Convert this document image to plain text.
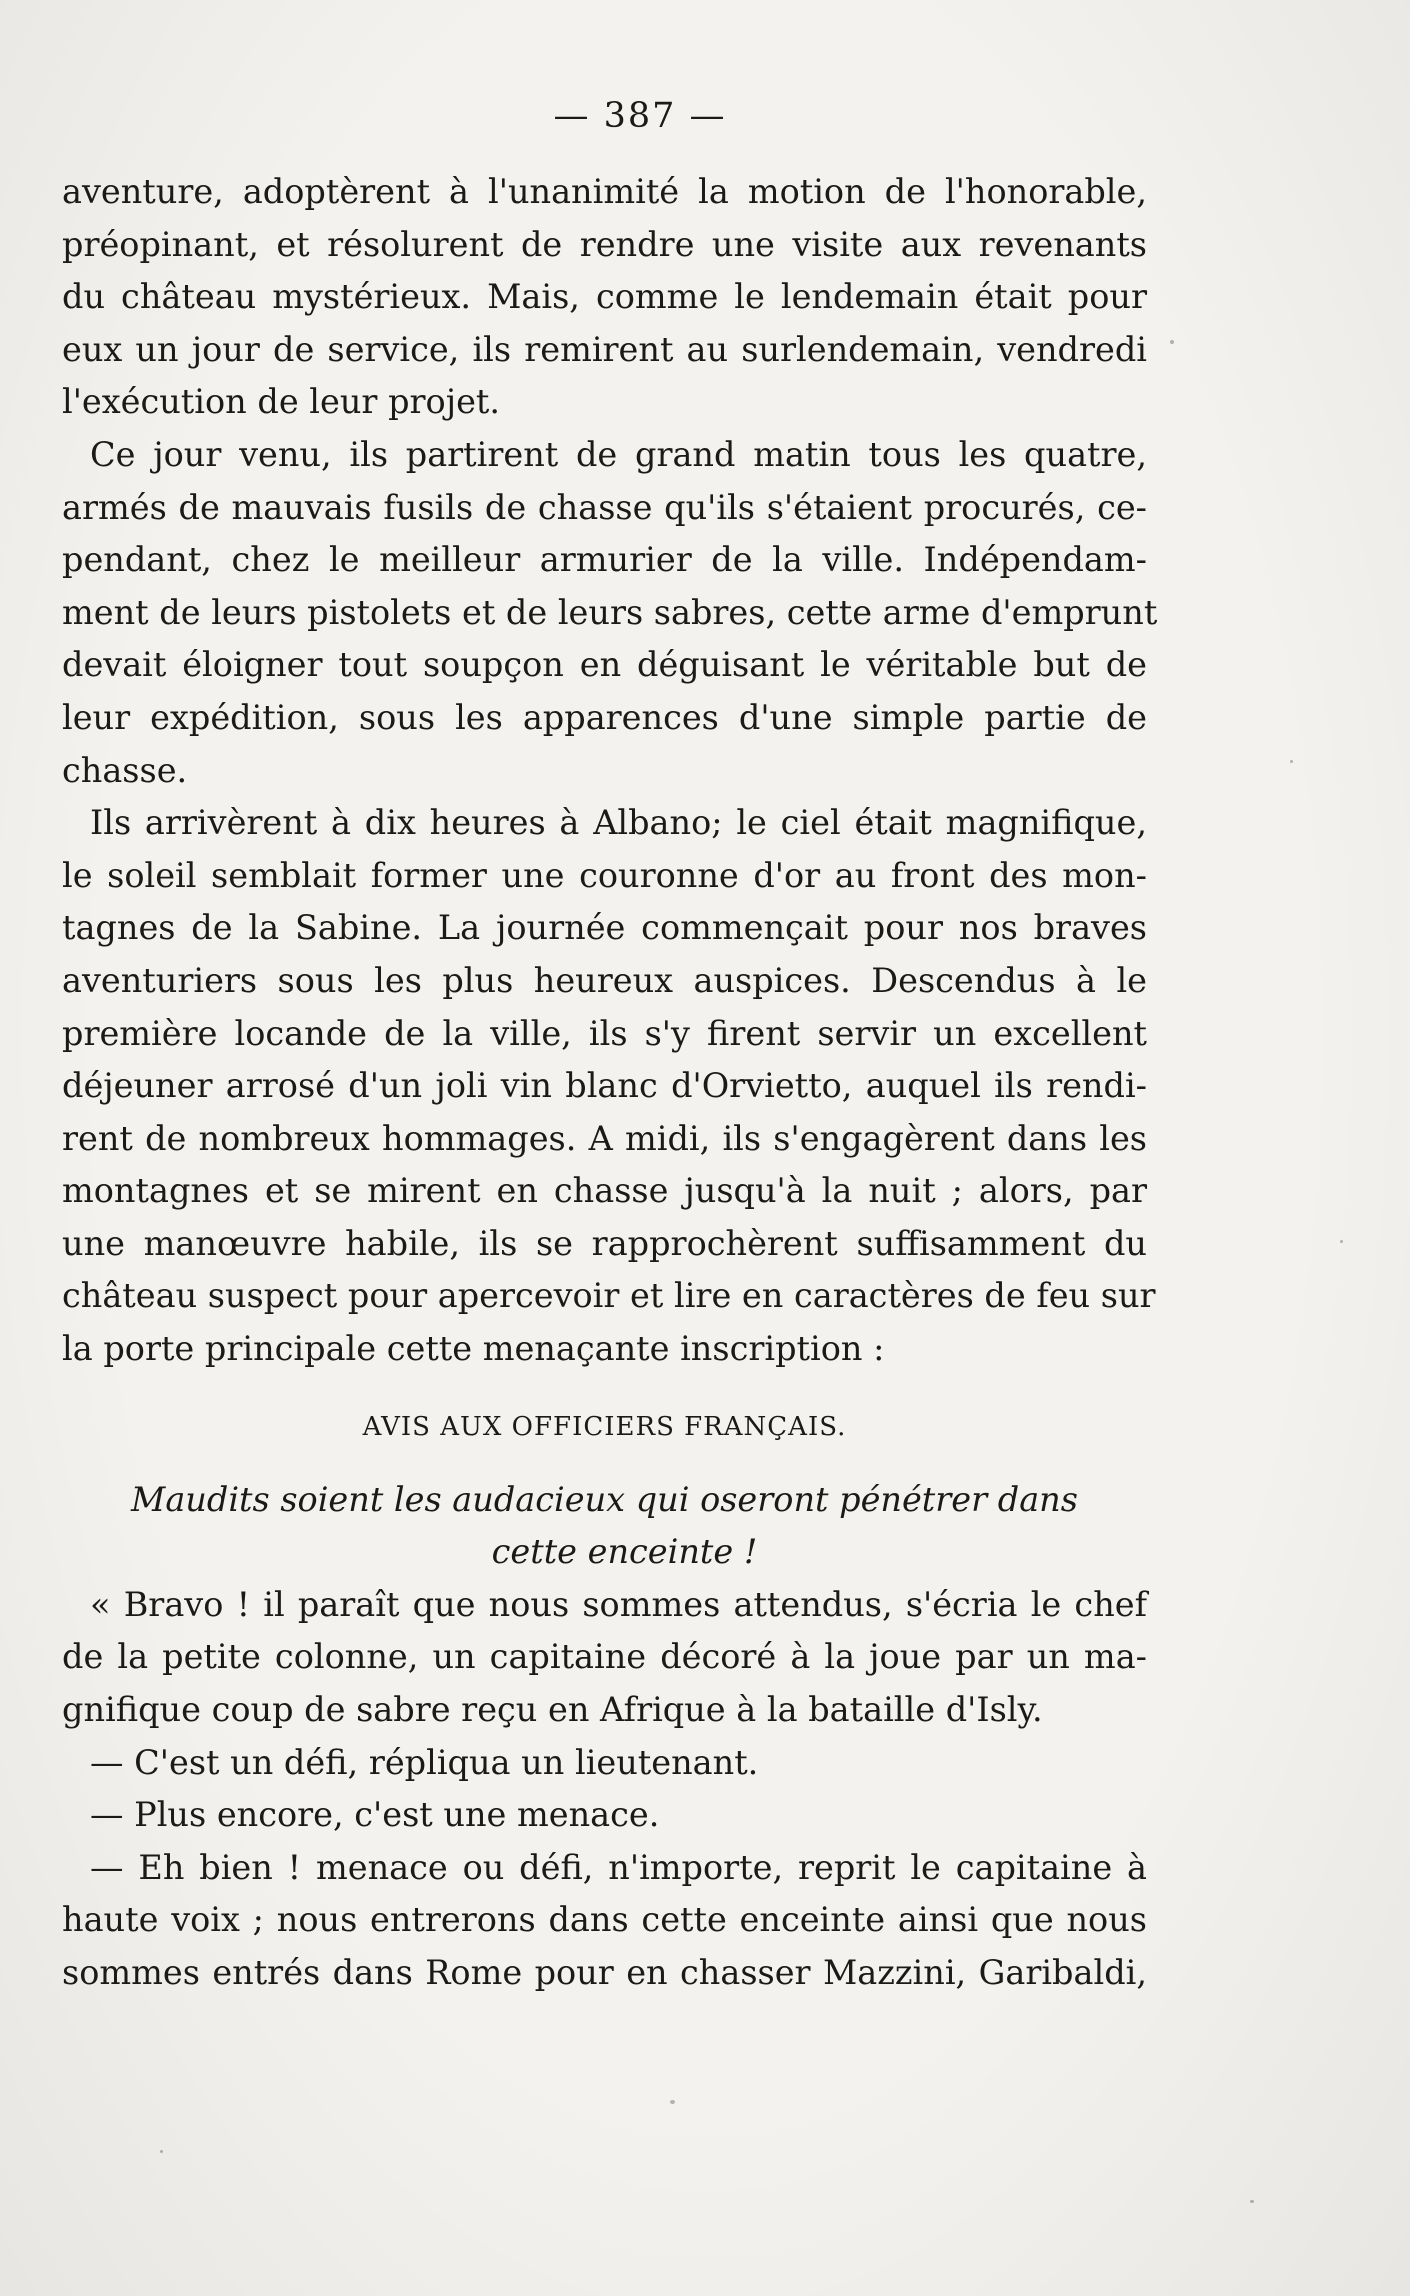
— 387 —
aventure, adoptèrent à l'unanimité la motion de l'honorable,
préopinant, et résolurent de rendre une visite aux revenants
du château mystérieux. Mais, comme le lendemain était pour
eux un jour de service, ils remirent au surlendemain, vendredi
l'exécution de leur projet.
Ce jour venu, ils partirent de grand matin tous les quatre,
armés de mauvais fusils de chasse qu'ils s'étaient procurés, ce-
pendant, chez le meilleur armurier de la ville. Indépendam-
ment de leurs pistolets et de leurs sabres, cette arme d'emprunt
devait éloigner tout soupçon en déguisant le véritable but de
leur expédition, sous les apparences d'une simple partie de
chasse.
Ils arrivèrent à dix heures à Albano; le ciel était magnifique,
le soleil semblait former une couronne d'or au front des mon-
tagnes de la Sabine. La journée commençait pour nos braves
aventuriers sous les plus heureux auspices. Descendus à le
première locande de la ville, ils s'y firent servir un excellent
déjeuner arrosé d'un joli vin blanc d'Orvietto, auquel ils rendi-
rent de nombreux hommages. A midi, ils s'engagèrent dans les
montagnes et se mirent en chasse jusqu'à la nuit ; alors, par
une manœuvre habile, ils se rapprochèrent suffisamment du
château suspect pour apercevoir et lire en caractères de feu sur
la porte principale cette menaçante inscription :
AVIS AUX OFFICIERS FRANÇAIS.
Maudits soient les audacieux qui oseront pénétrer dans
cette enceinte !
« Bravo ! il paraît que nous sommes attendus, s'écria le chef
de la petite colonne, un capitaine décoré à la joue par un ma-
gnifique coup de sabre reçu en Afrique à la bataille d'Isly.
— C'est un défi, répliqua un lieutenant.
— Plus encore, c'est une menace.
— Eh bien ! menace ou défi, n'importe, reprit le capitaine à
haute voix ; nous entrerons dans cette enceinte ainsi que nous
sommes entrés dans Rome pour en chasser Mazzini, Garibaldi,
